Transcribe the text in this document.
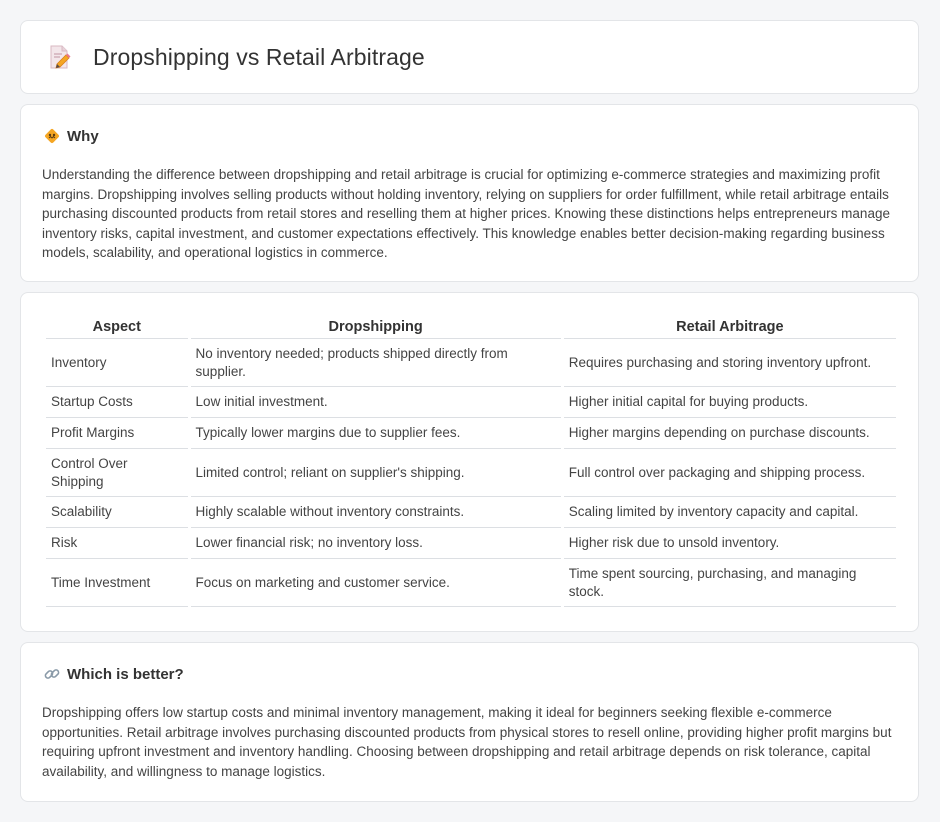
Dropshipping vs Retail Arbitrage
Why

Understanding the difference between dropshipping and retail arbitrage is crucial for optimizing e-commerce strategies and maximizing profit margins. Dropshipping involves selling products without holding inventory, relying on suppliers for order fulfillment, while retail arbitrage entails purchasing discounted products from retail stores and reselling them at higher prices. Knowing these distinctions helps entrepreneurs manage inventory risks, capital investment, and customer expectations effectively. This knowledge enables better decision-making regarding business models, scalability, and operational logistics in commerce.

Aspect	Dropshipping	Retail Arbitrage
Inventory	No inventory needed; products shipped directly from supplier.	Requires purchasing and storing inventory upfront.
Startup Costs	Low initial investment.	Higher initial capital for buying products.
Profit Margins	Typically lower margins due to supplier fees.	Higher margins depending on purchase discounts.
Control Over Shipping	Limited control; reliant on supplier's shipping.	Full control over packaging and shipping process.
Scalability	Highly scalable without inventory constraints.	Scaling limited by inventory capacity and capital.
Risk	Lower financial risk; no inventory loss.	Higher risk due to unsold inventory.
Time Investment	Focus on marketing and customer service.	Time spent sourcing, purchasing, and managing stock.
Which is better?

Dropshipping offers low startup costs and minimal inventory management, making it ideal for beginners seeking flexible e-commerce opportunities. Retail arbitrage involves purchasing discounted products from physical stores to resell online, providing higher profit margins but requiring upfront investment and inventory handling. Choosing between dropshipping and retail arbitrage depends on risk tolerance, capital availability, and willingness to manage logistics.
